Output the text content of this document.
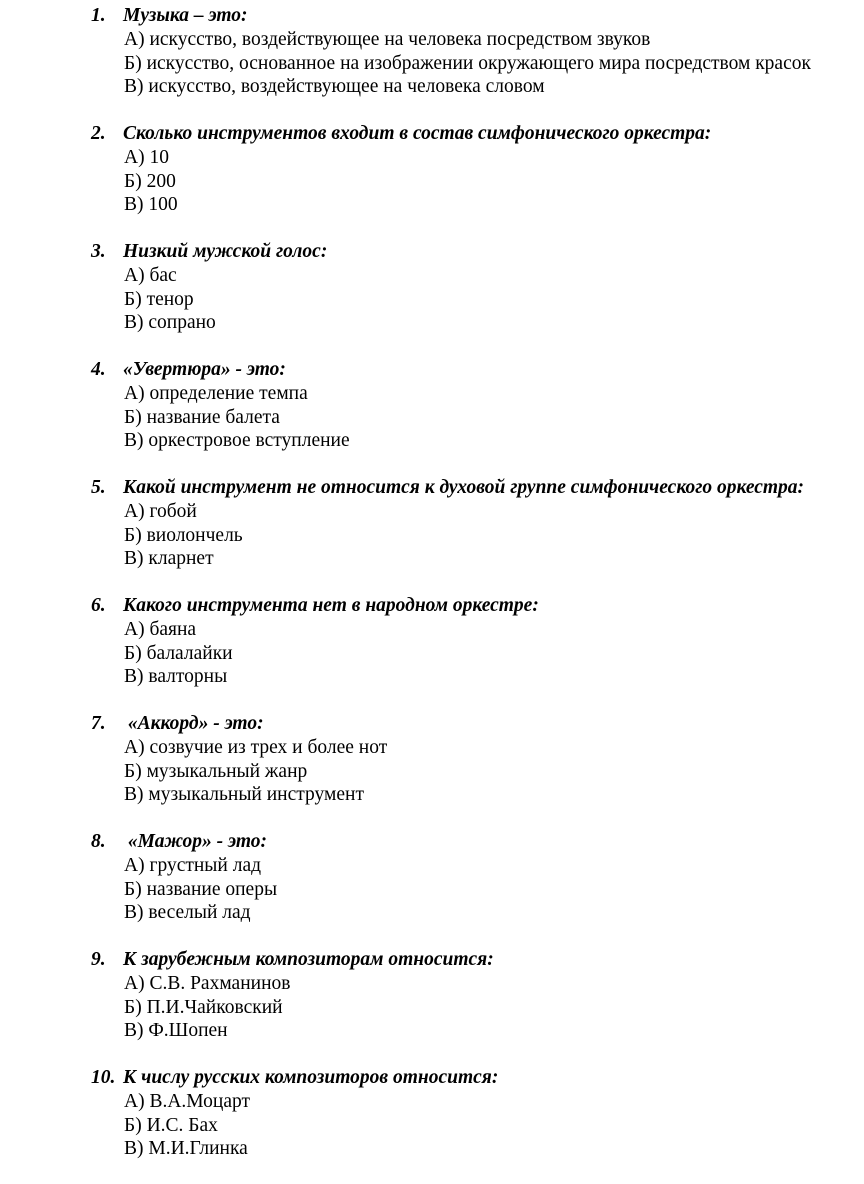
1. Музыка – это:
А) искусство, воздействующее на человека посредством звуков
Б) искусство, основанное на изображении окружающего мира посредством красок
В) искусство, воздействующее на человека словом
2. Сколько инструментов входит в состав симфонического оркестра:
А) 10
Б) 200
В) 100
3. Низкий мужской голос:
А) бас
Б) тенор
В) сопрано
4. «Увертюра» - это:
А) определение темпа
Б) название балета
В) оркестровое вступление
5. Какой инструмент не относится к духовой группе симфонического оркестра:
А) гобой
Б) виолончель
В) кларнет
6. Какого инструмента нет в народном оркестре:
А) баяна
Б) балалайки
В) валторны
7. «Аккорд» - это:
А) созвучие из трех и более нот
Б) музыкальный жанр
В) музыкальный инструмент
8. «Мажор» - это:
А) грустный лад
Б) название оперы
В) веселый лад
9. К зарубежным композиторам относится:
А) С.В. Рахманинов
Б) П.И.Чайковский
В) Ф.Шопен
10. К числу русских композиторов относится:
А) В.А.Моцарт
Б) И.С. Бах
В) М.И.Глинка
